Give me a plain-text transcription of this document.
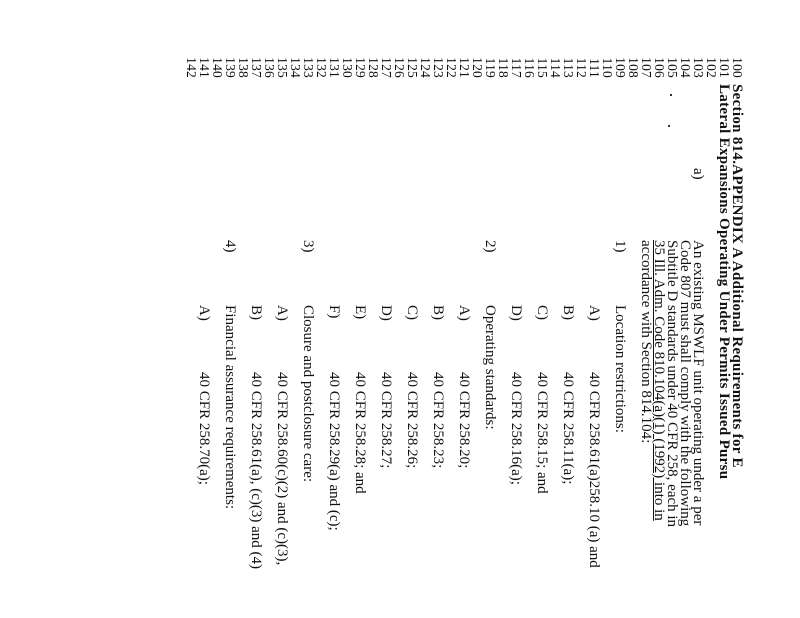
100
Section 814.APPENDIX A Additional Requirements for E
101
Lateral Expansions Operating Under Permits Issued Pursu
102
103
a)
An existing MSWLF unit operating under a per
104
Code 807 must shall comply with the following
105
Subtitle D standards under 40 CFR 258, each in
106
35 Ill. Adm. Code 810.104(a)(1) (1992) into in
107
accordance with Section 814.104:
108
109
1)
Location restrictions:
110
111
A)
40 CFR 258.61(a)258.10 (a) and
112
113
B)
40 CFR 258.11(a);
114
115
C)
40 CFR 258.15; and
116
117
D)
40 CFR 258.16(a);
118
119
2)
Operating standards:
120
121
A)
40 CFR 258.20;
122
123
B)
40 CFR 258.23;
124
125
C)
40 CFR 258.26;
126
127
D)
40 CFR 258.27;
128
129
E)
40 CFR 258.28; and
130
131
F)
40 CFR 258.29(a) and (c);
132
133
3)
Closure and postclosure care:
134
135
A)
40 CFR 258.60(c)(2) and (c)(3),
136
137
B)
40 CFR 258.61(a), (c)(3) and (4)
138
139
4)
Financial assurance requirements:
140
141
A)
40 CFR 258.70(a);
142
